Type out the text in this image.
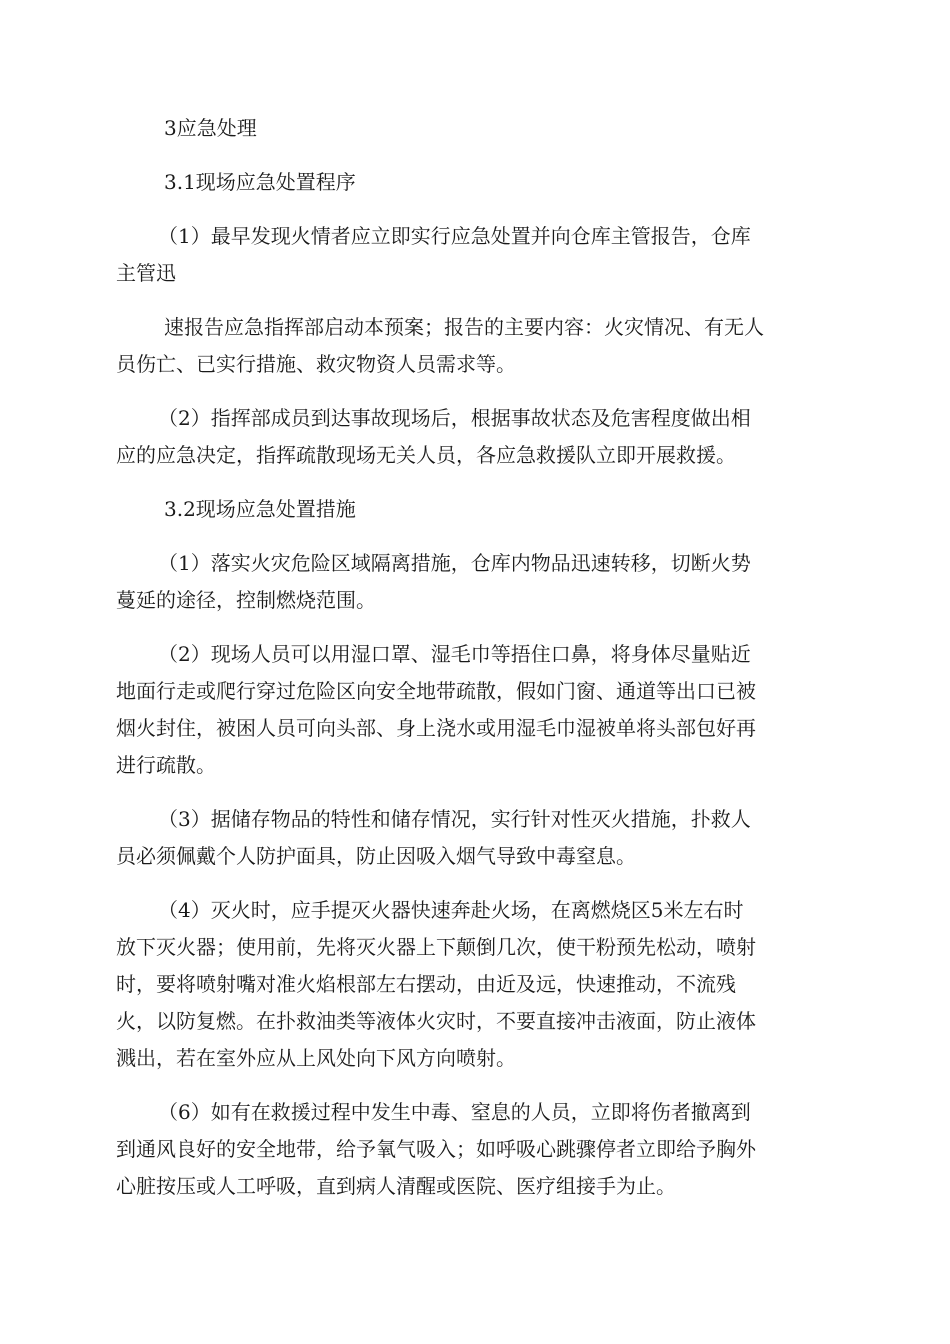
3应急处理
3.1现场应急处置程序
（1）最早发现火情者应立即实行应急处置并向仓库主管报告，仓库
主管迅
速报告应急指挥部启动本预案；报告的主要内容：火灾情况、有无人
员伤亡、已实行措施、救灾物资人员需求等。
（2）指挥部成员到达事故现场后，根据事故状态及危害程度做出相
应的应急决定，指挥疏散现场无关人员，各应急救援队立即开展救援。
3.2现场应急处置措施
（1）落实火灾危险区域隔离措施，仓库内物品迅速转移，切断火势
蔓延的途径，控制燃烧范围。
（2）现场人员可以用湿口罩、湿毛巾等捂住口鼻，将身体尽量贴近
地面行走或爬行穿过危险区向安全地带疏散，假如门窗、通道等出口已被
烟火封住，被困人员可向头部、身上浇水或用湿毛巾湿被单将头部包好再
进行疏散。
（3）据储存物品的特性和储存情况，实行针对性灭火措施，扑救人
员必须佩戴个人防护面具，防止因吸入烟气导致中毒窒息。
（4）灭火时，应手提灭火器快速奔赴火场，在离燃烧区5米左右时
放下灭火器；使用前，先将灭火器上下颠倒几次，使干粉预先松动，喷射
时，要将喷射嘴对准火焰根部左右摆动，由近及远，快速推动，不流残
火，以防复燃。在扑救油类等液体火灾时，不要直接冲击液面，防止液体
溅出，若在室外应从上风处向下风方向喷射。
（6）如有在救援过程中发生中毒、窒息的人员，立即将伤者撤离到
到通风良好的安全地带，给予氧气吸入；如呼吸心跳骤停者立即给予胸外
心脏按压或人工呼吸，直到病人清醒或医院、医疗组接手为止。
